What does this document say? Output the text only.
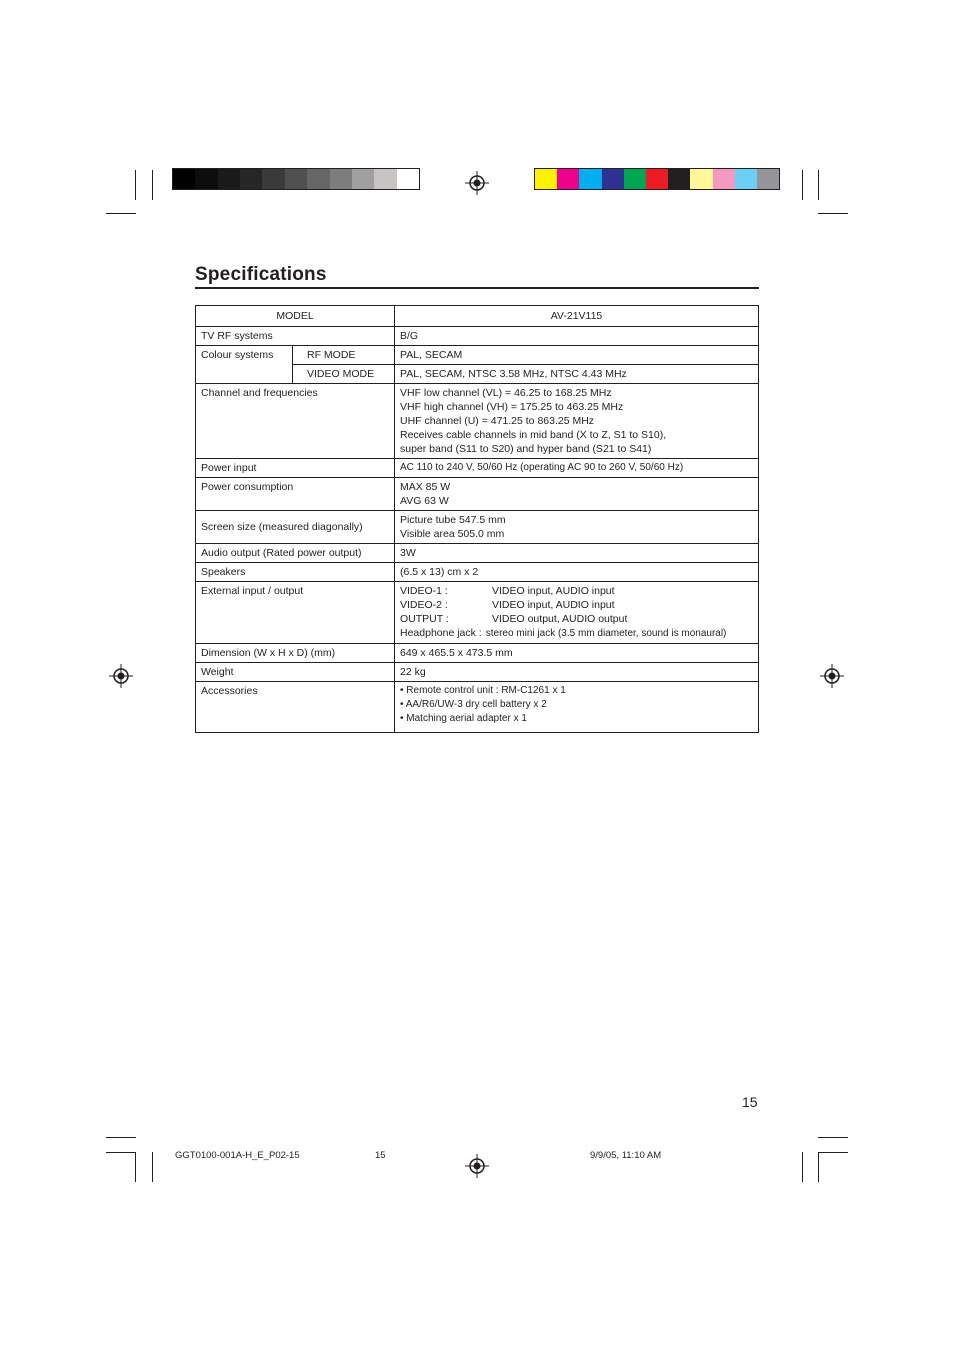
Specifications
MODEL		AV-21V115
TV RF systems		B/G
Colour systems	RF MODE	PAL, SECAM
	VIDEO MODE	PAL, SECAM, NTSC 3.58 MHz, NTSC 4.43 MHz
Channel and frequencies		VHF low channel (VL) = 46.25 to 168.25 MHz
VHF high channel (VH) = 175.25 to 463.25 MHz
UHF channel (U) = 471.25 to 863.25 MHz
Receives cable channels in mid band (X to Z, S1 to S10),
super band (S11 to S20) and hyper band (S21 to S41)

Power input		AC 110 to 240 V, 50/60 Hz (operating AC 90 to 260 V, 50/60 Hz)
Power consumption		MAX 85 W
AVG 63 W

Screen size (measured diagonally)		Picture tube 547.5 mm
Visible area 505.0 mm

Audio output (Rated power output)		3W
Speakers		(6.5 x 13) cm x 2
External input / output		VIDEO-1 : VIDEO input, AUDIO input
VIDEO-2 : VIDEO input, AUDIO input
OUTPUT : VIDEO output, AUDIO output
Headphone jack : stereo mini jack (3.5 mm diameter, sound is monaural)

Dimension (W x H x D) (mm)		649 x 465.5 x 473.5 mm
Weight		22 kg
Accessories		• Remote control unit : RM-C1261 x 1
• AA/R6/UW-3 dry cell battery x 2
• Matching aerial adapter x 1
15
GGT0100-001A-H_E_P02-15	15	9/9/05, 11:10 AM
